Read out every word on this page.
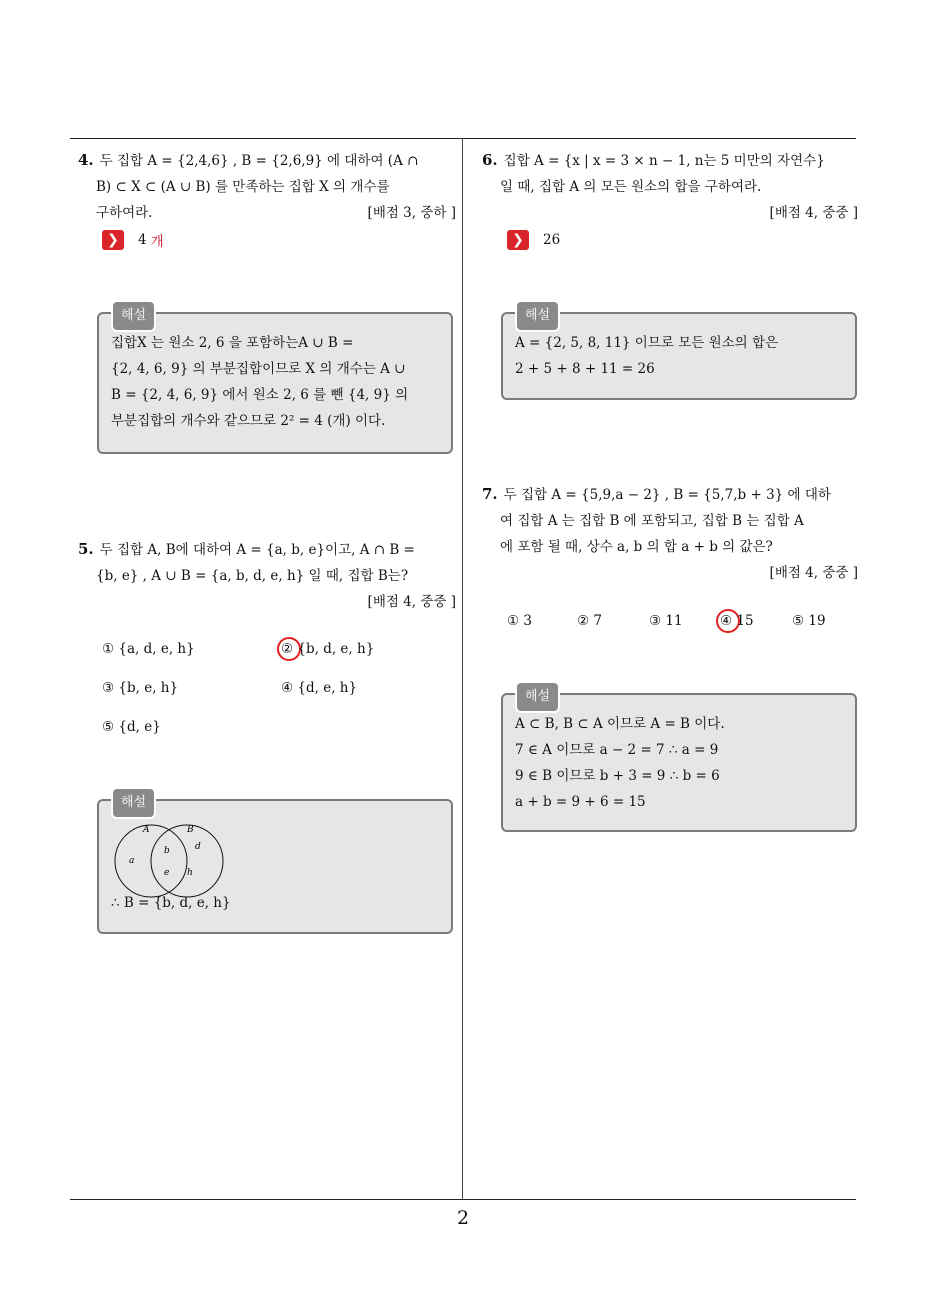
4. 두 집합 A = {2,4,6} , B = {2,6,9} 에 대하여 (A ∩
B) ⊂ X ⊂ (A ∪ B) 를 만족하는 집합 X 의 개수를
구하여라.	[배점 3, 중하 ]
❯	4 개
해설
집합X 는 원소 2, 6 을 포함하는A ∪ B =
{2, 4, 6, 9} 의 부분집합이므로 X 의 개수는 A ∪
B = {2, 4, 6, 9} 에서 원소 2, 6 를 뺀 {4, 9} 의
부분집합의 개수와 같으므로 2² = 4 (개) 이다.
5. 두 집합 A, B에 대하여 A = {a, b, e}이고, A ∩ B =
{b, e} , A ∪ B = {a, b, d, e, h} 일 때, 집합 B는?
[배점 4, 중중 ]
① {a, d, e, h}	② {b, d, e, h}
③ {b, e, h}	④ {d, e, h}
⑤ {d, e}
해설
A	B
a
b
e
d
h
∴ B = {b, d, e, h}
6. 집합 A = {x | x = 3 × n − 1, n는 5 미만의 자연수}
일 때, 집합 A 의 모든 원소의 합을 구하여라.
[배점 4, 중중 ]
❯	26
해설
A = {2, 5, 8, 11} 이므로 모든 원소의 합은
2 + 5 + 8 + 11 = 26
7. 두 집합 A = {5,9,a − 2} , B = {5,7,b + 3} 에 대하
여 집합 A 는 집합 B 에 포함되고, 집합 B 는 집합 A
에 포함 될 때, 상수 a, b 의 합 a + b 의 값은?
[배점 4, 중중 ]
① 3	② 7	③ 11	④ 15	⑤ 19
해설
A ⊂ B, B ⊂ A 이므로 A = B 이다.
7 ∈ A 이므로 a − 2 = 7 ∴ a = 9
9 ∈ B 이므로 b + 3 = 9 ∴ b = 6
a + b = 9 + 6 = 15
2
